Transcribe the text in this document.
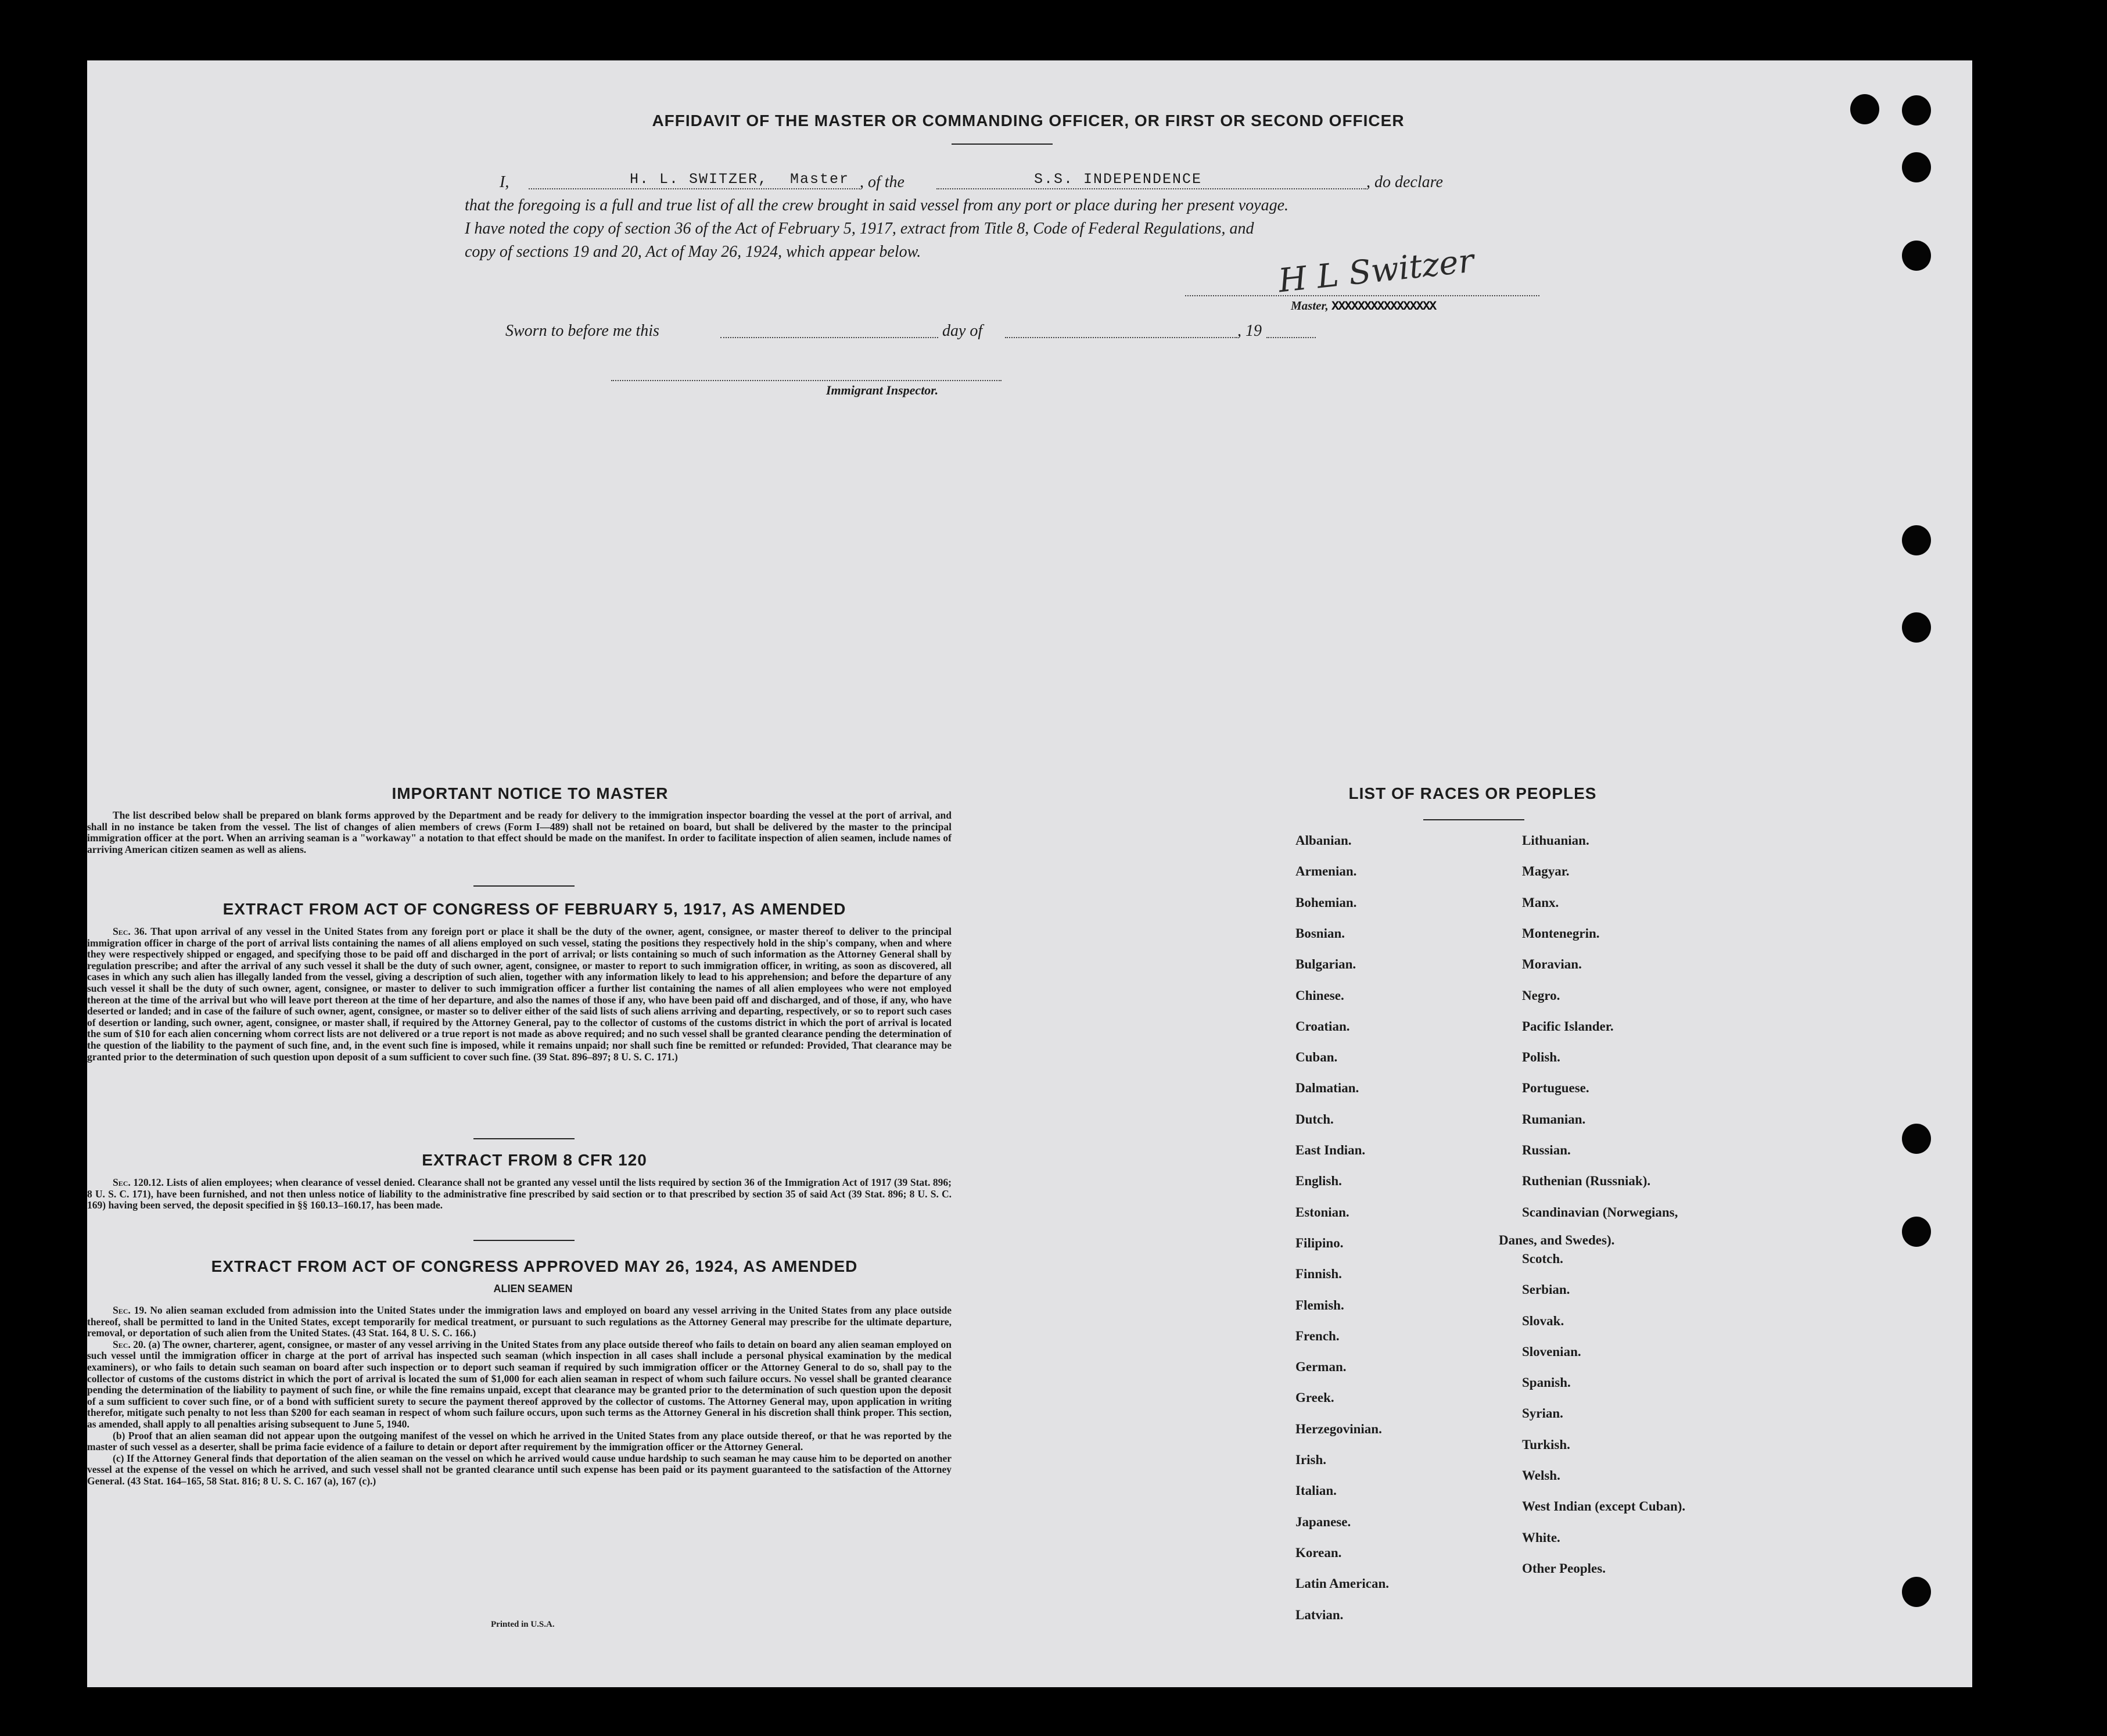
AFFIDAVIT OF THE MASTER OR COMMANDING OFFICER, OR FIRST OR SECOND OFFICER
I,	H. L. SWITZER, Master , of the	S.S. INDEPENDENCE	, do declare
that the foregoing is a full and true list of all the crew brought in said vessel from any port or place during her present voyage.
I have noted the copy of section 36 of the Act of February 5, 1917, extract from Title 8, Code of Federal Regulations, and
copy of sections 19 and 20, Act of May 26, 1924, which appear below.	H L Switzer
Master, XXXXXXXXXXXXXXXX
Sworn to before me this	day of	, 19
Immigrant Inspector.
IMPORTANT NOTICE TO MASTER
The list described below shall be prepared on blank forms approved by the Department and be ready for delivery to the immigration inspector boarding the vessel at the port of arrival, and shall in no instance be taken from the vessel. The list of changes of alien members of crews (Form I—489) shall not be retained on board, but shall be delivered by the master to the principal immigration officer at the port. When an arriving seaman is a "workaway" a notation to that effect should be made on the manifest. In order to facilitate inspection of alien seamen, include names of arriving American citizen seamen as well as aliens.
EXTRACT FROM ACT OF CONGRESS OF FEBRUARY 5, 1917, AS AMENDED
Sec. 36. That upon arrival of any vessel in the United States from any foreign port or place it shall be the duty of the owner, agent, consignee, or master thereof to deliver to the principal immigration officer in charge of the port of arrival lists containing the names of all aliens employed on such vessel, stating the positions they respectively hold in the ship's company, when and where they were respectively shipped or engaged, and specifying those to be paid off and discharged in the port of arrival; or lists containing so much of such information as the Attorney General shall by regulation prescribe; and after the arrival of any such vessel it shall be the duty of such owner, agent, consignee, or master to report to such immigration officer, in writing, as soon as discovered, all cases in which any such alien has illegally landed from the vessel, giving a description of such alien, together with any information likely to lead to his apprehension; and before the departure of any such vessel it shall be the duty of such owner, agent, consignee, or master to deliver to such immigration officer a further list containing the names of all alien employees who were not employed thereon at the time of the arrival but who will leave port thereon at the time of her departure, and also the names of those if any, who have been paid off and discharged, and of those, if any, who have deserted or landed; and in case of the failure of such owner, agent, consignee, or master so to deliver either of the said lists of such aliens arriving and departing, respectively, or so to report such cases of desertion or landing, such owner, agent, consignee, or master shall, if required by the Attorney General, pay to the collector of customs of the customs district in which the port of arrival is located the sum of $10 for each alien concerning whom correct lists are not delivered or a true report is not made as above required; and no such vessel shall be granted clearance pending the determination of the question of the liability to the payment of such fine, and, in the event such fine is imposed, while it remains unpaid; nor shall such fine be remitted or refunded: Provided, That clearance may be granted prior to the determination of such question upon deposit of a sum sufficient to cover such fine. (39 Stat. 896–897; 8 U. S. C. 171.)
EXTRACT FROM 8 CFR 120
Sec. 120.12. Lists of alien employees; when clearance of vessel denied. Clearance shall not be granted any vessel until the lists required by section 36 of the Immigration Act of 1917 (39 Stat. 896; 8 U. S. C. 171), have been furnished, and not then unless notice of liability to the administrative fine prescribed by said section or to that prescribed by section 35 of said Act (39 Stat. 896; 8 U. S. C. 169) having been served, the deposit specified in §§ 160.13–160.17, has been made.
EXTRACT FROM ACT OF CONGRESS APPROVED MAY 26, 1924, AS AMENDED
ALIEN SEAMEN
Sec. 19. No alien seaman excluded from admission into the United States under the immigration laws and employed on board any vessel arriving in the United States from any place outside thereof, shall be permitted to land in the United States, except temporarily for medical treatment, or pursuant to such regulations as the Attorney General may prescribe for the ultimate departure, removal, or deportation of such alien from the United States. (43 Stat. 164, 8 U. S. C. 166.)
Sec. 20. (a) The owner, charterer, agent, consignee, or master of any vessel arriving in the United States from any place outside thereof who fails to detain on board any alien seaman employed on such vessel until the immigration officer in charge at the port of arrival has inspected such seaman (which inspection in all cases shall include a personal physical examination by the medical examiners), or who fails to detain such seaman on board after such inspection or to deport such seaman if required by such immigration officer or the Attorney General to do so, shall pay to the collector of customs of the customs district in which the port of arrival is located the sum of $1,000 for each alien seaman in respect of whom such failure occurs. No vessel shall be granted clearance pending the determination of the liability to payment of such fine, or while the fine remains unpaid, except that clearance may be granted prior to the determination of such question upon the deposit of a sum sufficient to cover such fine, or of a bond with sufficient surety to secure the payment thereof approved by the collector of customs. The Attorney General may, upon application in writing therefor, mitigate such penalty to not less than $200 for each seaman in respect of whom such failure occurs, upon such terms as the Attorney General in his discretion shall think proper. This section, as amended, shall apply to all penalties arising subsequent to June 5, 1940.
(b) Proof that an alien seaman did not appear upon the outgoing manifest of the vessel on which he arrived in the United States from any place outside thereof, or that he was reported by the master of such vessel as a deserter, shall be prima facie evidence of a failure to detain or deport after requirement by the immigration officer or the Attorney General.
(c) If the Attorney General finds that deportation of the alien seaman on the vessel on which he arrived would cause undue hardship to such seaman he may cause him to be deported on another vessel at the expense of the vessel on which he arrived, and such vessel shall not be granted clearance until such expense has been paid or its payment guaranteed to the satisfaction of the Attorney General. (43 Stat. 164–165, 58 Stat. 816; 8 U. S. C. 167 (a), 167 (c).)
Printed in U.S.A.
LIST OF RACES OR PEOPLES
Danes, and Swedes).
Albanian.
Armenian.
Bohemian.
Bosnian.
Bulgarian.
Chinese.
Croatian.
Cuban.
Dalmatian.
Dutch.
East Indian.
English.
Estonian.
Filipino.
Finnish.
Flemish.
French.
German.
Greek.
Herzegovinian.
Irish.
Italian.
Japanese.
Korean.
Latin American.
Latvian.
Lithuanian.
Magyar.
Manx.
Montenegrin.
Moravian.
Negro.
Pacific Islander.
Polish.
Portuguese.
Rumanian.
Russian.
Ruthenian (Russniak).
Scandinavian (Norwegians,
Scotch.
Serbian.
Slovak.
Slovenian.
Spanish.
Syrian.
Turkish.
Welsh.
West Indian (except Cuban).
White.
Other Peoples.
